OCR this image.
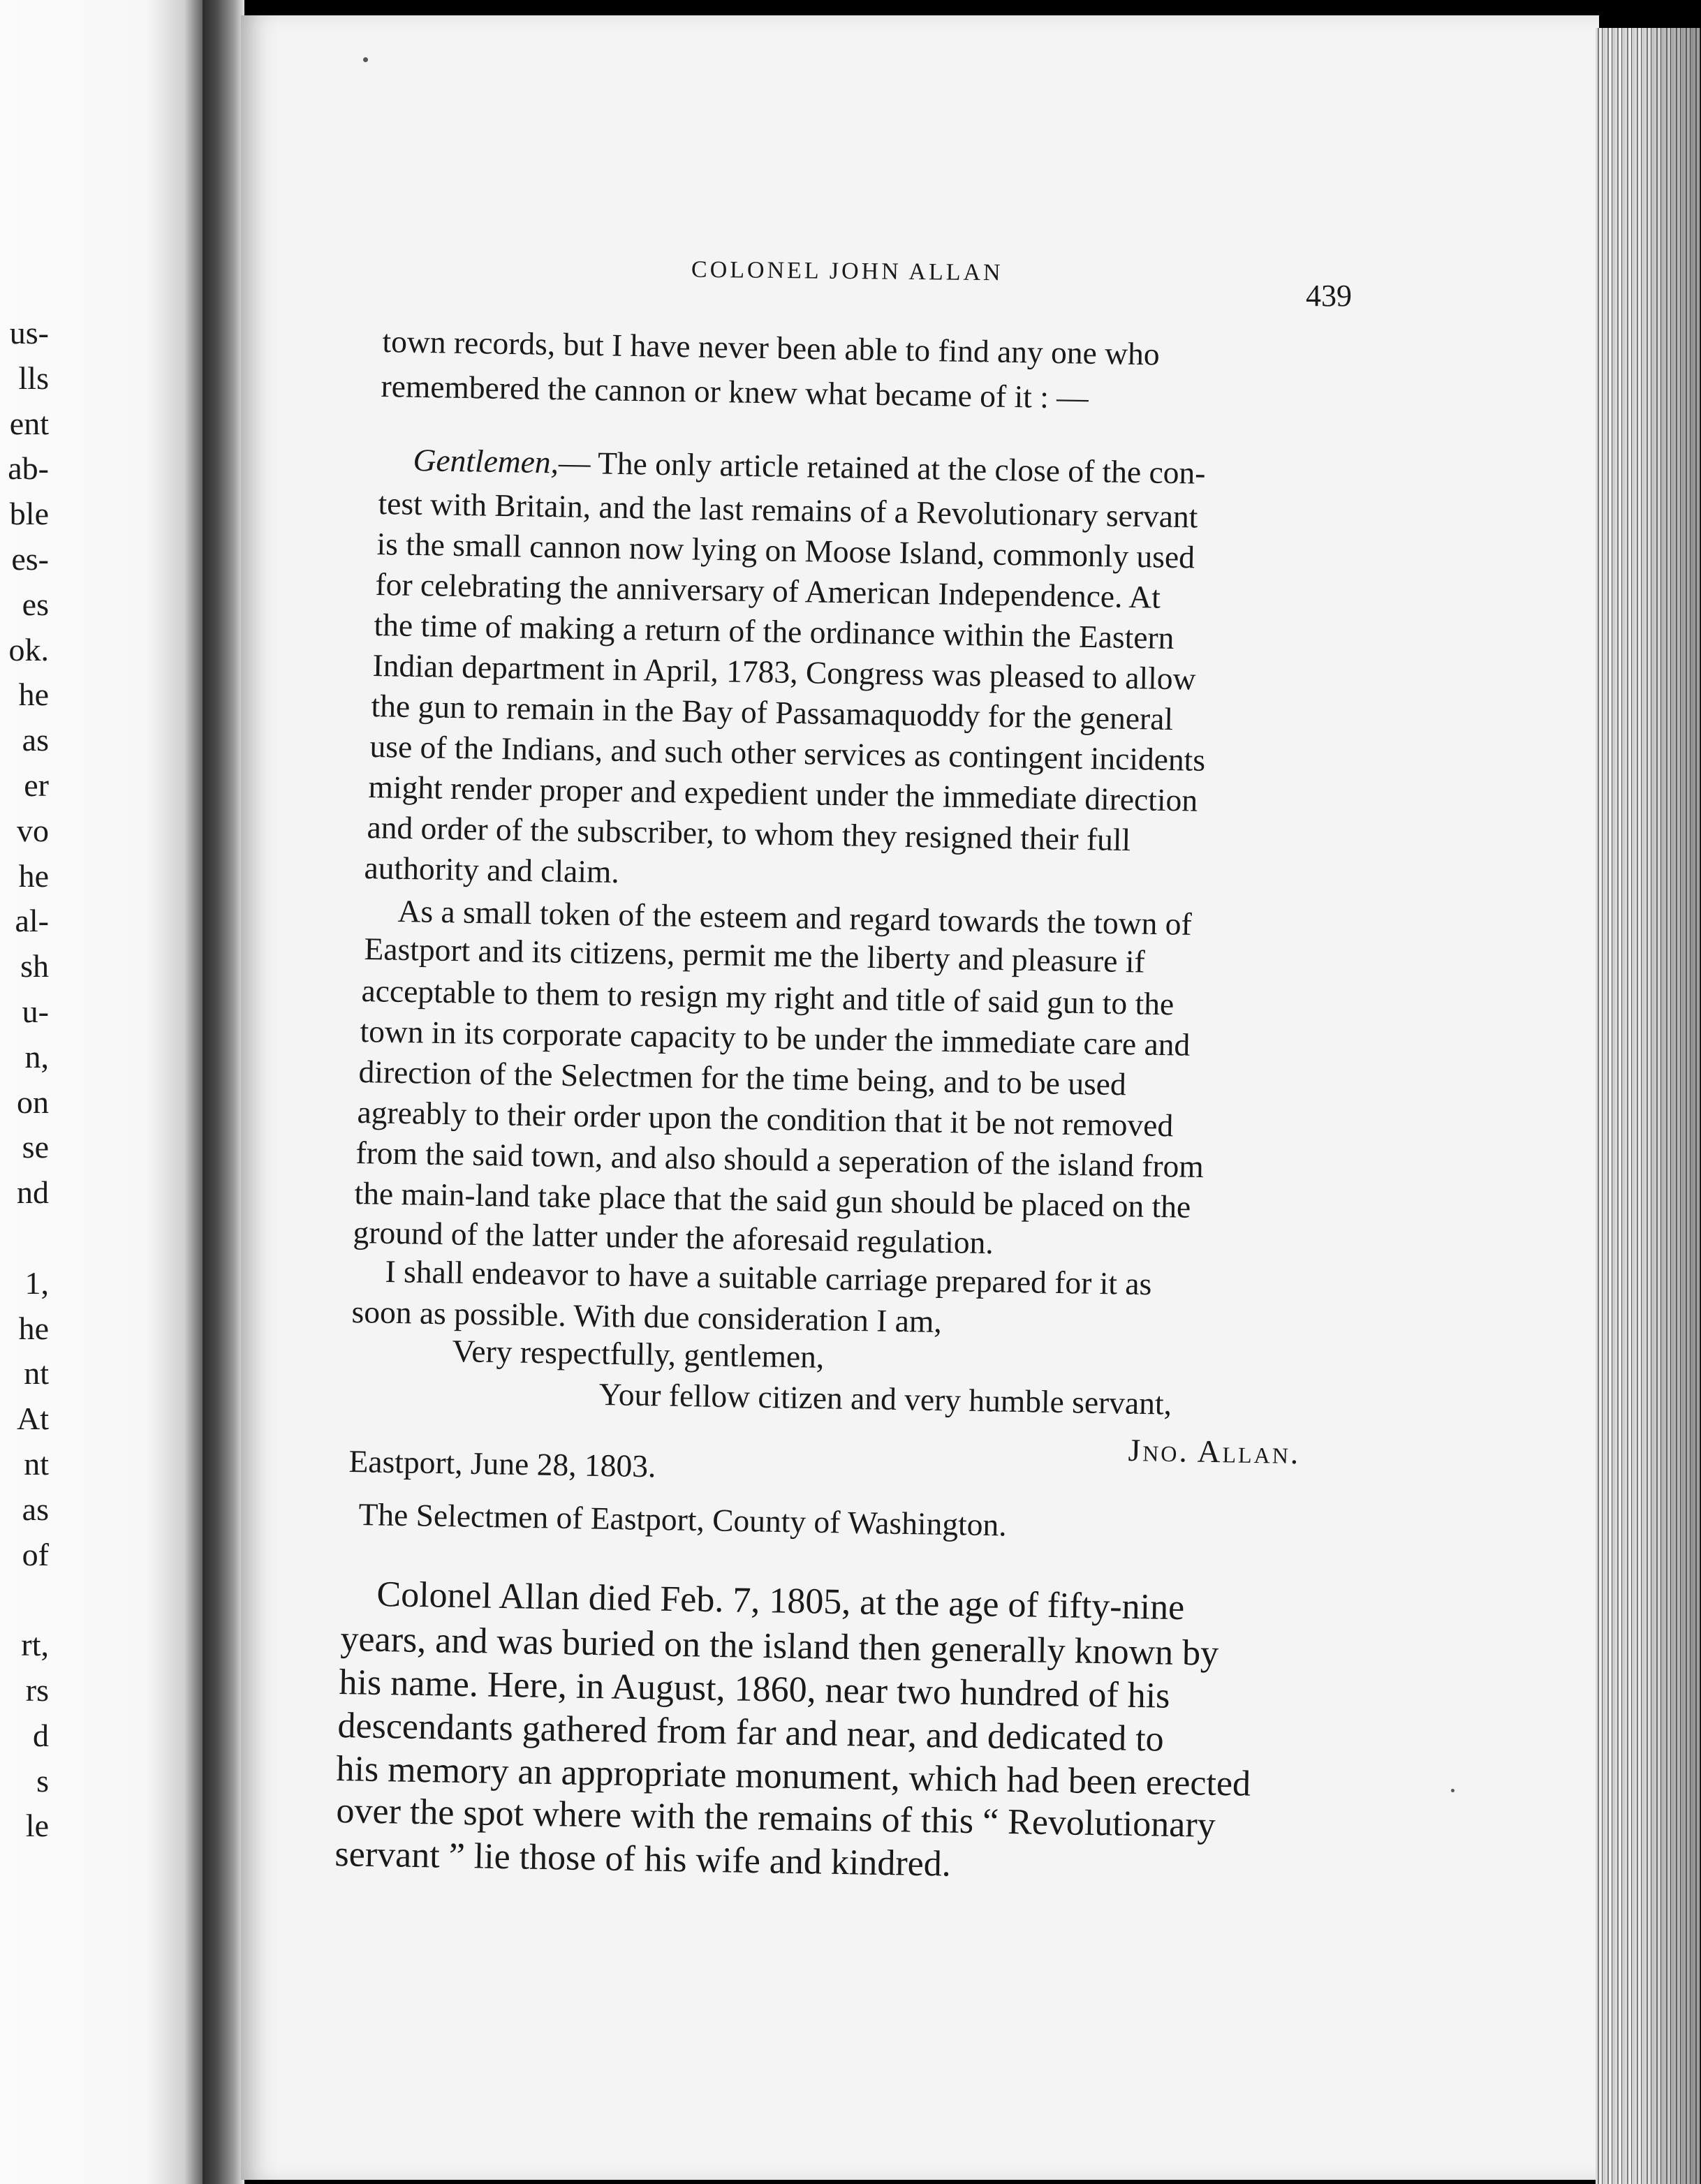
us-
lls
ent
ab-
ble
es-
es
ok.
he
as
er
vo
he
al-
sh
u-
n,
on
se
nd
1,
he
nt
At
nt
as
of
rt,
rs
d
s
le
COLONEL JOHN ALLAN
439
town records, but I have never been able to find any one who
remembered the cannon or knew what became of it : —
Gentlemen,— The only article retained at the close of the con-
test with Britain, and the last remains of a Revolutionary servant
is the small cannon now lying on Moose Island, commonly used
for celebrating the anniversary of American Independence. At
the time of making a return of the ordinance within the Eastern
Indian department in April, 1783, Congress was pleased to allow
the gun to remain in the Bay of Passamaquoddy for the general
use of the Indians, and such other services as contingent incidents
might render proper and expedient under the immediate direction
and order of the subscriber, to whom they resigned their full
authority and claim.
As a small token of the esteem and regard towards the town of
Eastport and its citizens, permit me the liberty and pleasure if
acceptable to them to resign my right and title of said gun to the
town in its corporate capacity to be under the immediate care and
direction of the Selectmen for the time being, and to be used
agreably to their order upon the condition that it be not removed
from the said town, and also should a seperation of the island from
the main-land take place that the said gun should be placed on the
ground of the latter under the aforesaid regulation.
I shall endeavor to have a suitable carriage prepared for it as
soon as possible. With due consideration I am,
Very respectfully, gentlemen,
Your fellow citizen and very humble servant,
Eastport, June 28, 1803.	Jno. Allan.
The Selectmen of Eastport, County of Washington.
Colonel Allan died Feb. 7, 1805, at the age of fifty-nine
years, and was buried on the island then generally known by
his name. Here, in August, 1860, near two hundred of his
descendants gathered from far and near, and dedicated to
his memory an appropriate monument, which had been erected
over the spot where with the remains of this “ Revolutionary
servant ” lie those of his wife and kindred.
